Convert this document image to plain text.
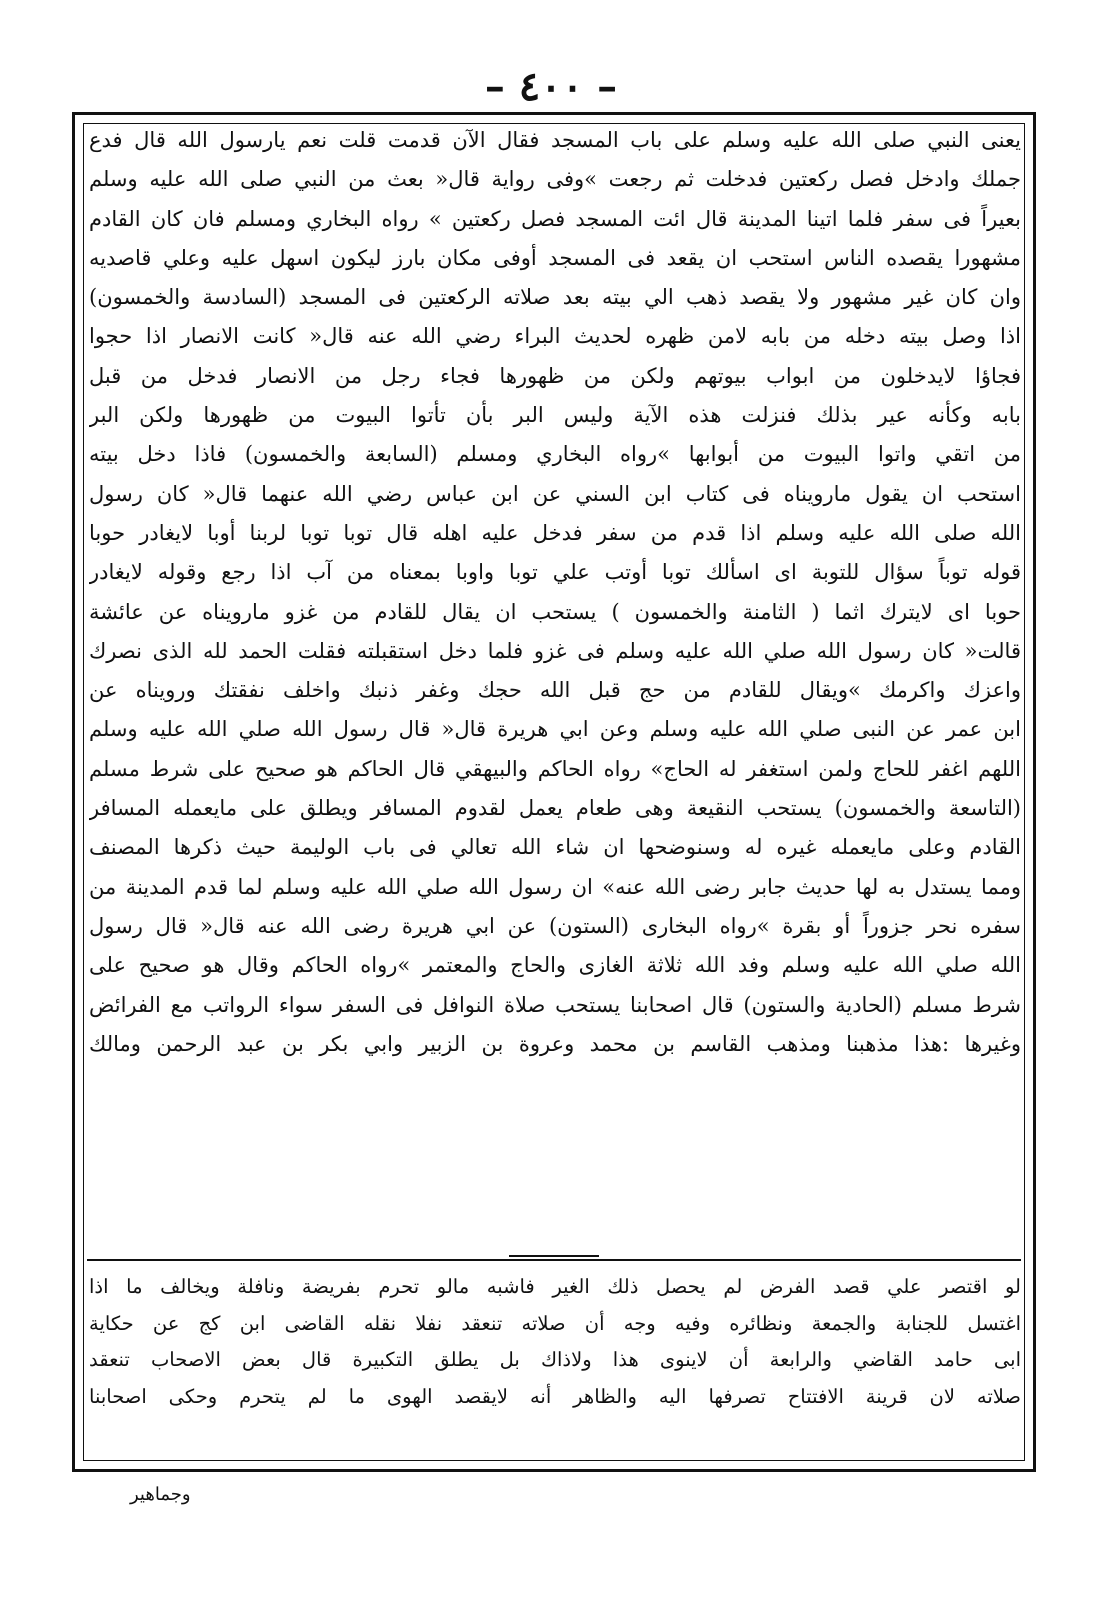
– ٤٠٠ –
يعنى النبي صلى الله عليه وسلم على باب المسجد فقال الآن قدمت قلت نعم يارسول الله قال فدع
جملك وادخل فصل ركعتين فدخلت ثم رجعت »وفى رواية قال« بعث من النبي صلى الله عليه وسلم
بعيراً فى سفر فلما اتينا المدينة قال ائت المسجد فصل ركعتين » رواه البخاري ومسلم فان كان القادم
مشهورا يقصده الناس استحب ان يقعد فى المسجد أوفى مكان بارز ليكون اسهل عليه وعلي قاصديه
وان كان غير مشهور ولا يقصد ذهب الي بيته بعد صلاته الركعتين فى المسجد (السادسة والخمسون)
اذا وصل بيته دخله من بابه لامن ظهره لحديث البراء رضي الله عنه قال« كانت الانصار اذا حجوا
فجاؤا لايدخلون من ابواب بيوتهم ولكن من ظهورها فجاء رجل من الانصار فدخل من قبل
بابه وكأنه عير بذلك فنزلت هذه الآية وليس البر بأن تأتوا البيوت من ظهورها ولكن البر
من اتقي واتوا البيوت من أبوابها »رواه البخاري ومسلم (السابعة والخمسون) فاذا دخل بيته
استحب ان يقول مارويناه فى كتاب ابن السني عن ابن عباس رضي الله عنهما قال« كان رسول
الله صلى الله عليه وسلم اذا قدم من سفر فدخل عليه اهله قال توبا توبا لربنا أوبا لايغادر حوبا
قوله توباً سؤال للتوبة اى اسألك توبا أوتب علي توبا واوبا بمعناه من آب اذا رجع وقوله لايغادر
حوبا اى لايترك اثما ( الثامنة والخمسون ) يستحب ان يقال للقادم من غزو مارويناه عن عائشة
قالت« كان رسول الله صلي الله عليه وسلم فى غزو فلما دخل استقبلته فقلت الحمد لله الذى نصرك
واعزك واكرمك »ويقال للقادم من حج قبل الله حجك وغفر ذنبك واخلف نفقتك ورويناه عن
ابن عمر عن النبى صلي الله عليه وسلم وعن ابي هريرة قال« قال رسول الله صلي الله عليه وسلم
اللهم اغفر للحاج ولمن استغفر له الحاج» رواه الحاكم والبيهقي قال الحاكم هو صحيح على شرط مسلم
(التاسعة والخمسون) يستحب النقيعة وهى طعام يعمل لقدوم المسافر ويطلق على مايعمله المسافر
القادم وعلى مايعمله غيره له وسنوضحها ان شاء الله تعالي فى باب الوليمة حيث ذكرها المصنف
ومما يستدل به لها حديث جابر رضى الله عنه» ان رسول الله صلي الله عليه وسلم لما قدم المدينة من
سفره نحر جزوراً أو بقرة »رواه البخارى (الستون) عن ابي هريرة رضى الله عنه قال« قال رسول
الله صلي الله عليه وسلم وفد الله ثلاثة الغازى والحاج والمعتمر »رواه الحاكم وقال هو صحيح على
شرط مسلم (الحادية والستون) قال اصحابنا يستحب صلاة النوافل فى السفر سواء الرواتب مع الفرائض
وغيرها :هذا مذهبنا ومذهب القاسم بن محمد وعروة بن الزبير وابي بكر بن عبد الرحمن ومالك
لو اقتصر علي قصد الفرض لم يحصل ذلك الغير فاشبه مالو تحرم بفريضة ونافلة ويخالف ما اذا
اغتسل للجنابة والجمعة ونظائره وفيه وجه أن صلاته تنعقد نفلا نقله القاضى ابن كج عن حكاية
ابى حامد القاضي والرابعة أن لاينوى هذا ولاذاك بل يطلق التكبيرة قال بعض الاصحاب تنعقد
صلاته لان قرينة الافتتاح تصرفها اليه والظاهر أنه لايقصد الهوى ما لم يتحرم وحكى اصحابنا
وجماهير
